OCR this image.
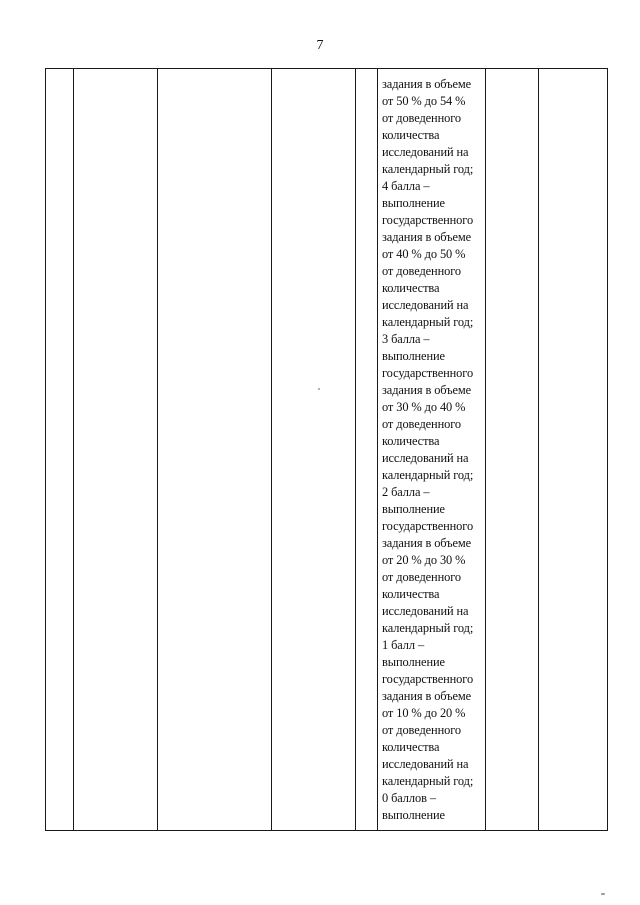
7

задания в объеме
от 50 % до 54 %
от доведенного
количества
исследований на
календарный год;
4 балла –
выполнение
государственного
задания в объеме
от 40 % до 50 %
от доведенного
количества
исследований на
календарный год;
3 балла –
выполнение
государственного
задания в объеме
от 30 % до 40 %
от доведенного
количества
исследований на
календарный год;
2 балла –
выполнение
государственного
задания в объеме
от 20 % до 30 %
от доведенного
количества
исследований на
календарный год;
1 балл –
выполнение
государственного
задания в объеме
от 10 % до 20 %
от доведенного
количества
исследований на
календарный год;
0 баллов –
выполнение
